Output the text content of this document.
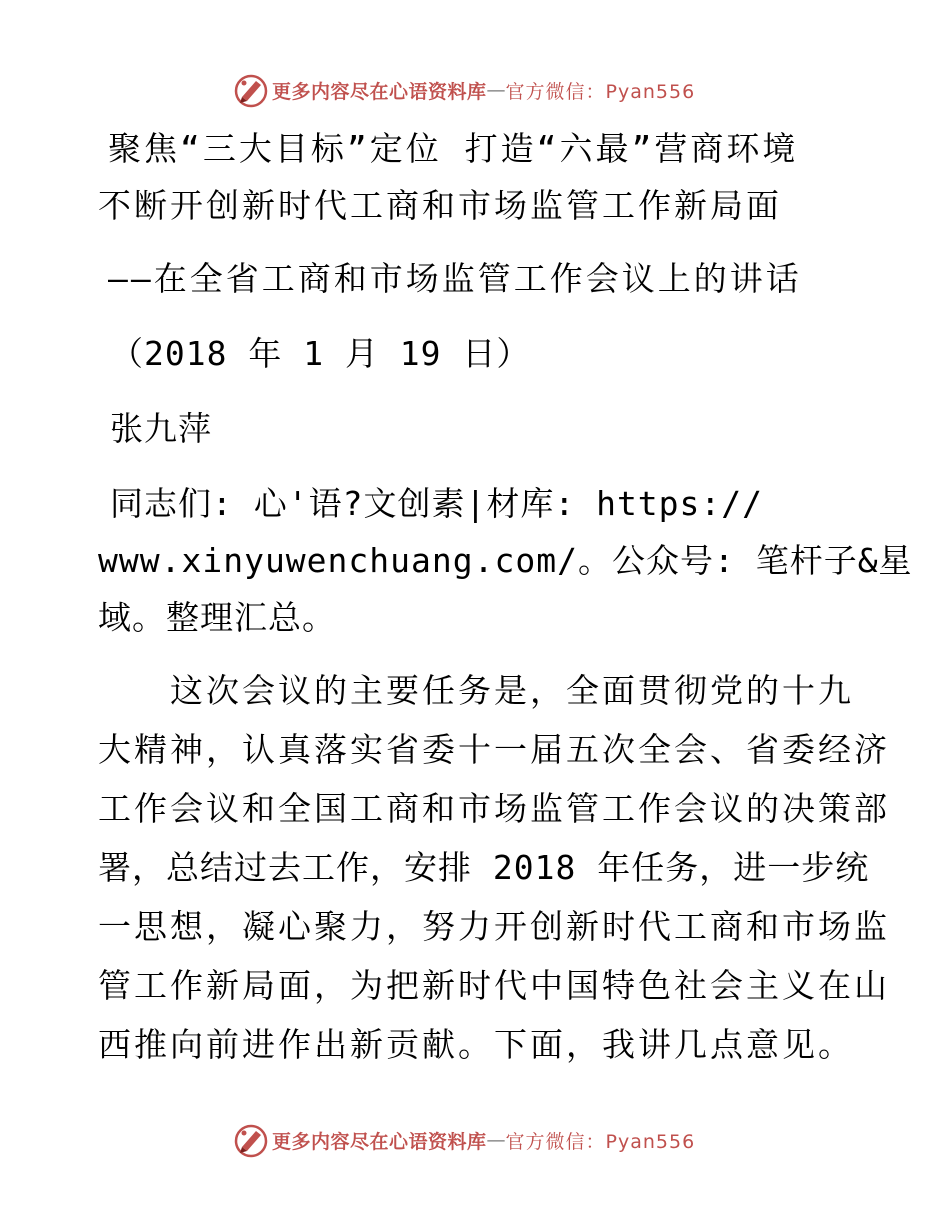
更多内容尽在心语资料库 — 官方微信：Pyan556

聚焦“三大目标”定位 打造“六最”营商环境

不断开创新时代工商和市场监管工作新局面

——在全省工商和市场监管工作会议上的讲话

（2018 年 1 月 19 日）

张九萍

同志们: 心'语?文创素|材库: https://

www.xinyuwenchuang.com/。公众号: 笔杆子&星

域。整理汇总。

　　这次会议的主要任务是，全面贯彻党的十九

大精神，认真落实省委十一届五次全会、省委经济

工作会议和全国工商和市场监管工作会议的决策部

署，总结过去工作，安排 2018 年任务，进一步统

一思想，凝心聚力，努力开创新时代工商和市场监

管工作新局面，为把新时代中国特色社会主义在山

西推向前进作出新贡献。下面，我讲几点意见。

更多内容尽在心语资料库 — 官方微信：Pyan556
